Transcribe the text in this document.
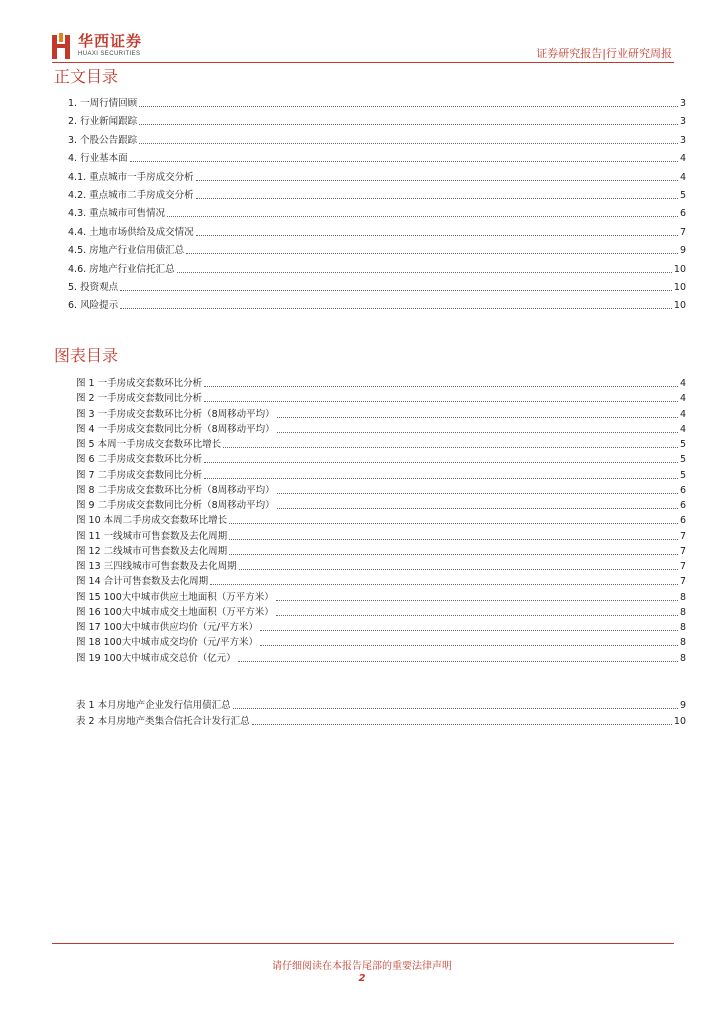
华西证券
HUAXI SECURITIES	证券研究报告|行业研究周报
正文目录
1. 一周行情回顾	3
2. 行业新闻跟踪	3
3. 个股公告跟踪	3
4. 行业基本面	4
4.1. 重点城市一手房成交分析	4
4.2. 重点城市二手房成交分析	5
4.3. 重点城市可售情况	6
4.4. 土地市场供给及成交情况	7
4.5. 房地产行业信用债汇总	9
4.6. 房地产行业信托汇总	10
5. 投资观点	10
6. 风险提示	10
图表目录
图 1 一手房成交套数环比分析	4
图 2 一手房成交套数同比分析	4
图 3 一手房成交套数环比分析（8周移动平均）	4
图 4 一手房成交套数同比分析（8周移动平均）	4
图 5 本周一手房成交套数环比增长	5
图 6 二手房成交套数环比分析	5
图 7 二手房成交套数同比分析	5
图 8 二手房成交套数环比分析（8周移动平均）	6
图 9 二手房成交套数同比分析（8周移动平均）	6
图 10 本周二手房成交套数环比增长	6
图 11 一线城市可售套数及去化周期	7
图 12 二线城市可售套数及去化周期	7
图 13 三四线城市可售套数及去化周期	7
图 14 合计可售套数及去化周期	7
图 15 100大中城市供应土地面积（万平方米）	8
图 16 100大中城市成交土地面积（万平方米）	8
图 17 100大中城市供应均价（元/平方米）	8
图 18 100大中城市成交均价（元/平方米）	8
图 19 100大中城市成交总价（亿元）	8
表 1 本月房地产企业发行信用债汇总	9
表 2 本月房地产类集合信托合计发行汇总	10
请仔细阅读在本报告尾部的重要法律声明
2
